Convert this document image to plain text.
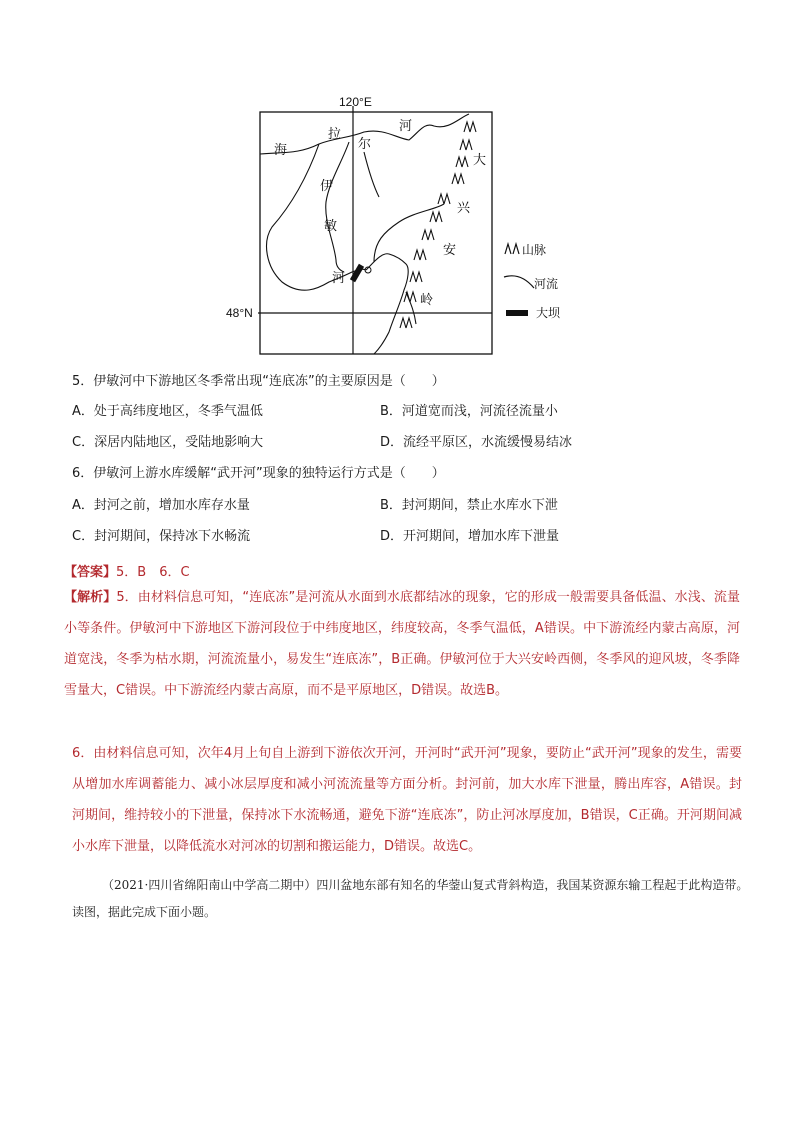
120°E
48°N
海
拉
尔
河
伊
敏
河
大
兴
安
岭
山脉
河流
大坝
5．伊敏河中下游地区冬季常出现“连底冻”的主要原因是（　　）
A．处于高纬度地区，冬季气温低	B．河道宽而浅，河流径流量小
C．深居内陆地区，受陆地影响大	D．流经平原区，水流缓慢易结冰
6．伊敏河上游水库缓解“武开河”现象的独特运行方式是（　　）
A．封河之前，增加水库存水量	B．封河期间，禁止水库水下泄
C．封河期间，保持冰下水畅流	D．开河期间，增加水库下泄量
【答案】5．B　6．C
【解析】5．由材料信息可知，“连底冻”是河流从水面到水底都结冰的现象，它的形成一般需要具备低温、水浅、流量小等条件。伊敏河中下游地区下游河段位于中纬度地区，纬度较高，冬季气温低，A错误。中下游流经内蒙古高原，河道宽浅，冬季为枯水期，河流流量小，易发生“连底冻”，B正确。伊敏河位于大兴安岭西侧，冬季风的迎风坡，冬季降雪量大，C错误。中下游流经内蒙古高原，而不是平原地区，D错误。故选B。
6．由材料信息可知，次年4月上旬自上游到下游依次开河，开河时“武开河”现象，要防止“武开河”现象的发生，需要从增加水库调蓄能力、减小冰层厚度和减小河流流量等方面分析。封河前，加大水库下泄量，腾出库容，A错误。封河期间，维持较小的下泄量，保持冰下水流畅通，避免下游“连底冻”，防止河冰厚度加，B错误，C正确。开河期间减小水库下泄量，以降低流水对河冰的切割和搬运能力，D错误。故选C。
（2021·四川省绵阳南山中学高二期中）四川盆地东部有知名的华蓥山复式背斜构造，我国某资源东输工程起于此构造带。读图，据此完成下面小题。
